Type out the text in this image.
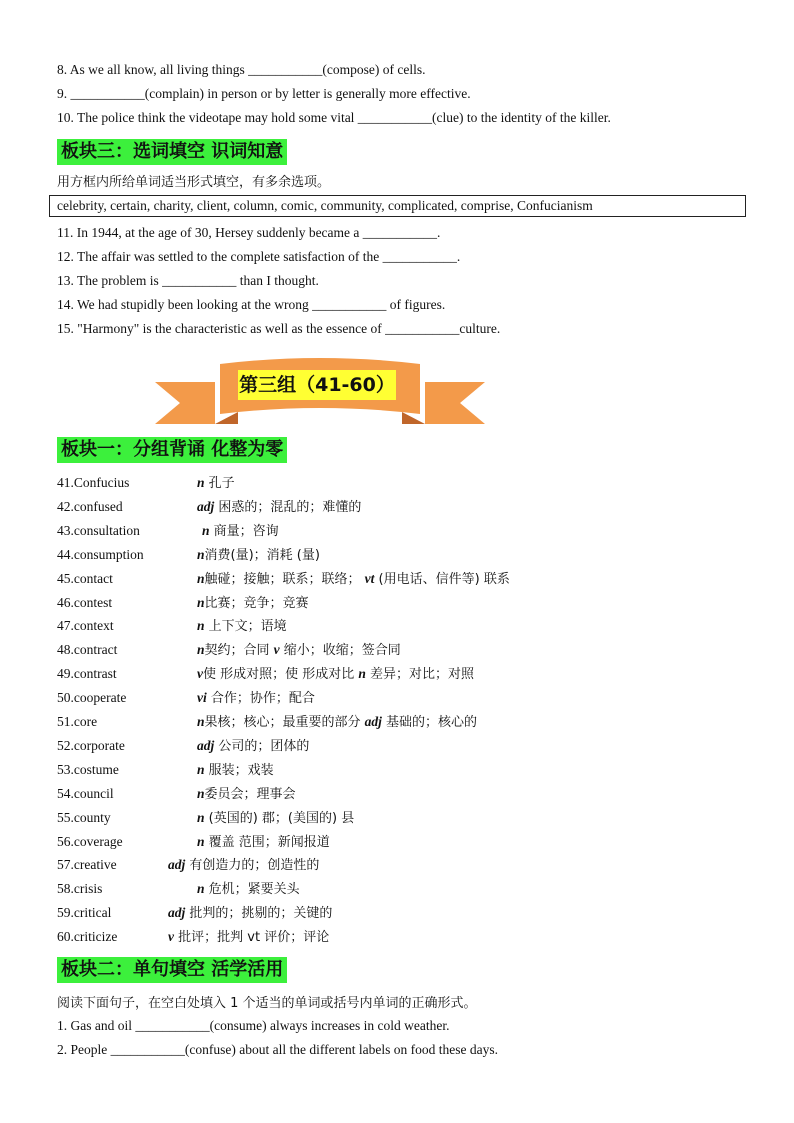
8. As we all know, all living things ___________(compose) of cells.
9. ___________(complain) in person or by letter is generally more effective.
10. The police think the videotape may hold some vital ___________(clue) to the identity of the killer.
板块三：选词填空 识词知意
用方框内所给单词适当形式填空，有多余选项。
celebrity, certain, charity, client, column, comic, community, complicated, comprise, Confucianism
11. In 1944, at the age of 30, Hersey suddenly became a ___________.
12. The affair was settled to the complete satisfaction of the ___________.
13. The problem is ___________ than I thought.
14. We had stupidly been looking at the wrong ___________ of figures.
15. "Harmony" is the characteristic as well as the essence of ___________culture.
第三组（41-60）
板块一：分组背诵 化整为零
41.Confucius	n 孔子
42.confused	adj 困惑的；混乱的；难懂的
43.consultation	n 商量；咨询
44.consumption	n消费(量)；消耗 (量)
45.contact	n触碰；接触；联系；联络； vt (用电话、信件等) 联系
46.contest	n比赛；竞争；竞赛
47.context	n 上下文；语境
48.contract	n契约；合同 v 缩小；收缩；签合同
49.contrast	v使 形成对照；使 形成对比 n 差异；对比；对照
50.cooperate	vi 合作；协作；配合
51.core	n果核；核心；最重要的部分 adj 基础的；核心的
52.corporate	adj 公司的；团体的
53.costume	n 服装；戏装
54.council	n委员会；理事会
55.county	n (英国的) 郡；(美国的) 县
56.coverage	n 覆盖 范围；新闻报道
57.creative	adj 有创造力的；创造性的
58.crisis	n 危机；紧要关头
59.critical	adj 批判的；挑剔的；关键的
60.criticize	v 批评；批判 vt 评价；评论
板块二：单句填空 活学活用
阅读下面句子，在空白处填入 1 个适当的单词或括号内单词的正确形式。
1. Gas and oil ___________(consume) always increases in cold weather.
2. People ___________(confuse) about all the different labels on food these days.
